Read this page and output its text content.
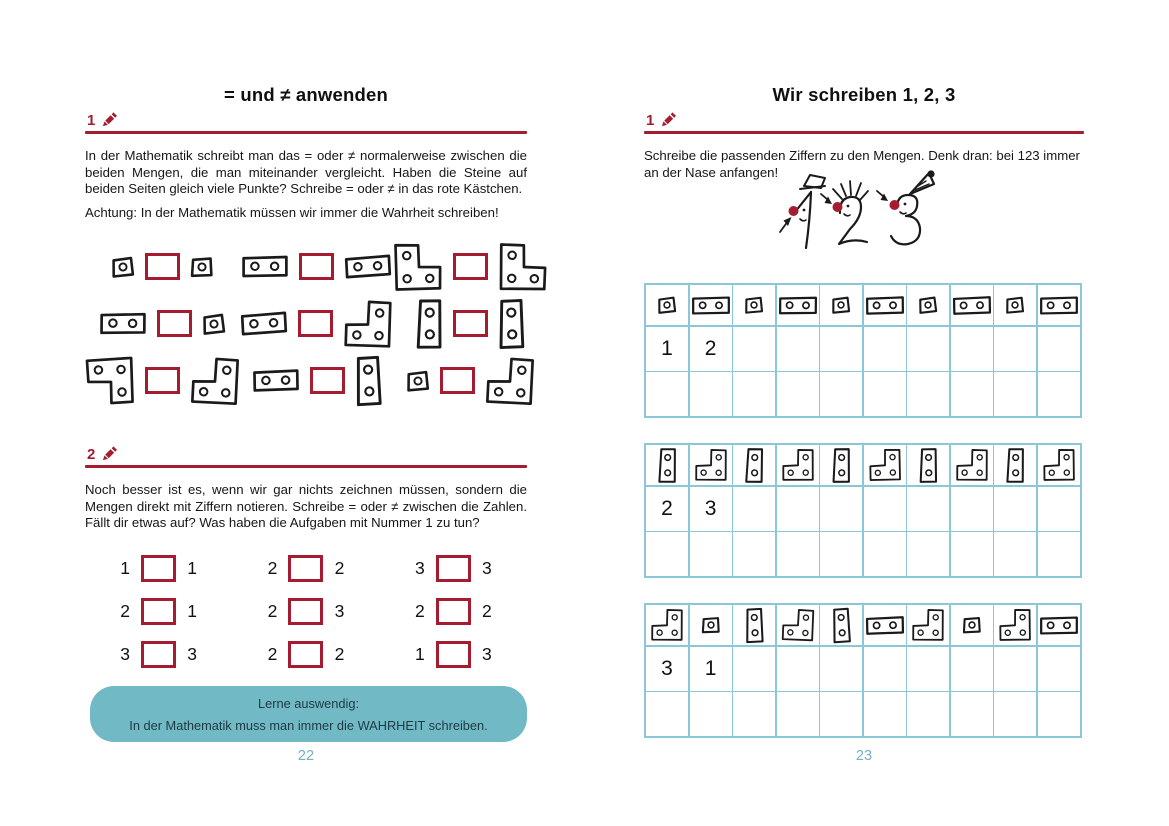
= und ≠ anwenden
1

In der Mathematik schreibt man das = oder ≠ normalerweise zwischen die beiden Mengen, die man miteinander vergleicht. Haben die Steine auf beiden Seiten gleich viele Punkte? Schreibe = oder ≠ in das rote Kästchen.

Achtung: In der Mathematik müssen wir immer die Wahrheit schreiben!

2

Noch besser ist es, wenn wir gar nichts zeichnen müssen, sondern die Mengen direkt mit Ziffern notieren. Schreibe = oder ≠ zwischen die Zahlen. Fällt dir etwas auf? Was haben die Aufgaben mit Nummer 1 zu tun?

1	1	2	2	3	3
2	1	2	3	2	2
3	3	2	2	1	3
Lerne auswendig:
In der Mathematik muss man immer die WAHRHEIT schreiben.
22
Wir schreiben 1, 2, 3
1

Schreibe die passenden Ziffern zu den Mengen. Denk dran: bei 123 immer an der Nase anfangen!

1 2
2 3
3 1
23
